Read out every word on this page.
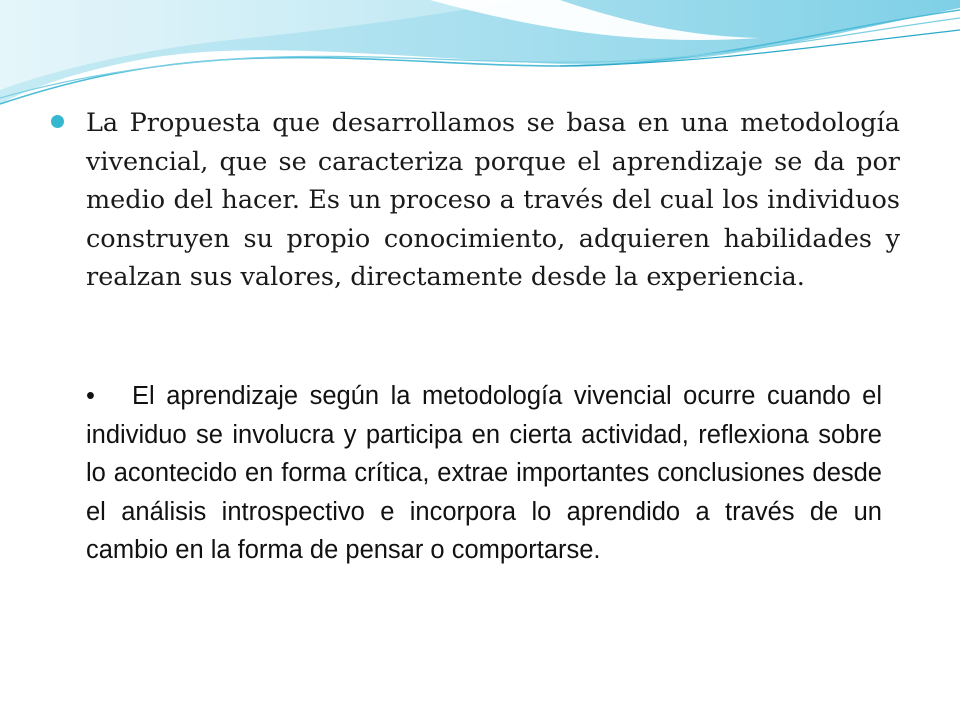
La Propuesta que desarrollamos se basa en una metodología vivencial, que se caracteriza porque el aprendizaje se da por medio del hacer. Es un proceso a través del cual los individuos construyen su propio conocimiento, adquieren habilidades y realzan sus valores, directamente desde la experiencia.

• El aprendizaje según la metodología vivencial ocurre cuando el individuo se involucra y participa en cierta actividad, reflexiona sobre lo acontecido en forma crítica, extrae importantes conclusiones desde el análisis introspectivo e incorpora lo aprendido a través de un cambio en la forma de pensar o comportarse.
